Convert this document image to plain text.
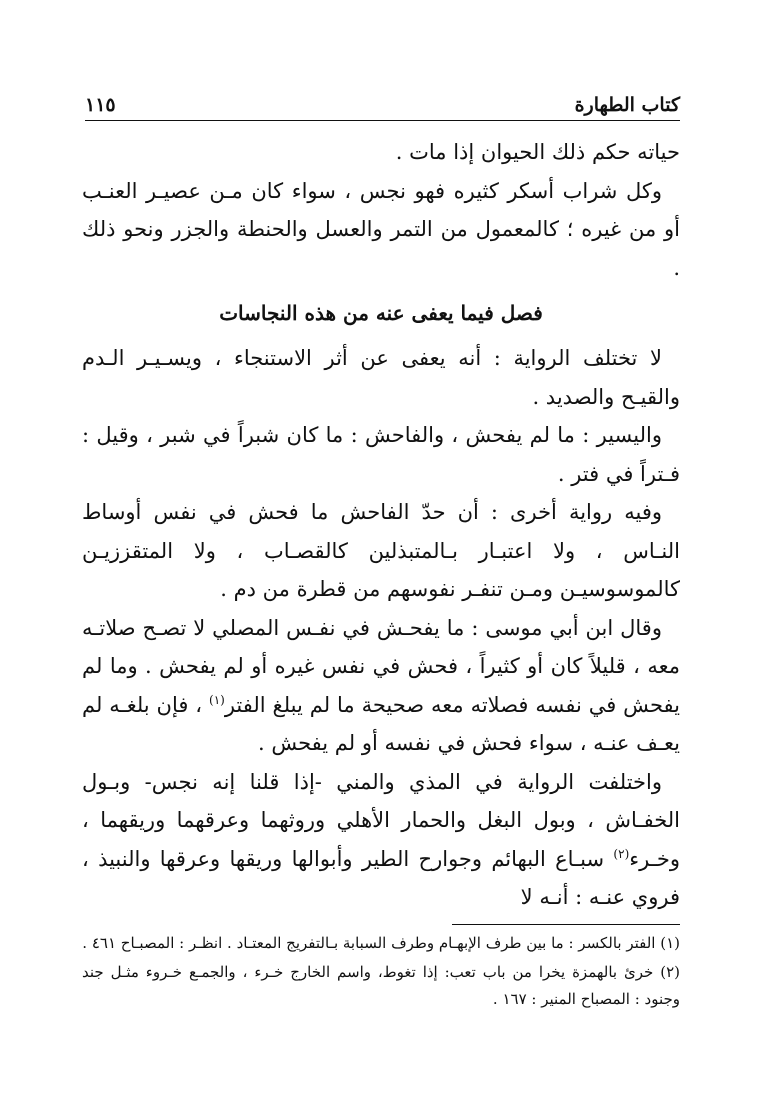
كتاب الطهارة
١١٥

حياته حكم ذلك الحيوان إذا مات .

وكل شراب أسكر كثيره فهو نجس ، سواء كان مـن عصيـر العنـب أو من غيره ؛ كالمعمول من التمر والعسل والحنطة والجزر ونحو ذلك .

فصل فيما يعفى عنه من هذه النجاسات

لا تختلف الرواية : أنه يعفى عن أثر الاستنجاء ، ويسـيـر الـدم والقيـح والصديد .

واليسير : ما لم يفحش ، والفاحش : ما كان شبراً في شبر ، وقيل : فـتراً في فتر .

وفيه رواية أخرى : أن حدّ الفاحش ما فحش في نفس أوساط النـاس ، ولا اعتبـار بـالمتبذلين كالقصـاب ، ولا المتقززيـن كالموسوسيـن ومـن تنفـر نفوسهم من قطرة من دم .

وقال ابن أبي موسى : ما يفحـش في نفـس المصلي لا تصـح صلاتـه معه ، قليلاً كان أو كثيراً ، فحش في نفس غيره أو لم يفحش . وما لم يفحش في نفسه فصلاته معه صحيحة ما لم يبلغ الفتر$^{(١)}$ ، فإن بلغـه لم يعـف عنـه ، سواء فحش في نفسه أو لم يفحش .

واختلفت الرواية في المذي والمني -إذا قلنا إنه نجس- وبـول الخفـاش ، وبول البغل والحمار الأهلي وروثهما وعرقهما وريقهما ، وخـرء$^{(٢)}$ سبـاع البهائم وجوارح الطير وأبوالها وريقها وعرقها والنبيذ ، فروي عنـه : أنـه لا

(١) الفتر بالكسر : ما بين طرف الإبهـام وطرف السبابة بـالتفريج المعتـاد . انظـر : المصبـاح ٤٦١ .

(٢) خرئ بالهمزة يخرا من باب تعب: إذا تغوط، واسم الخارج خـرء ، والجمـع خـروء مثـل جند وجنود : المصباح المنير : ١٦٧ .
